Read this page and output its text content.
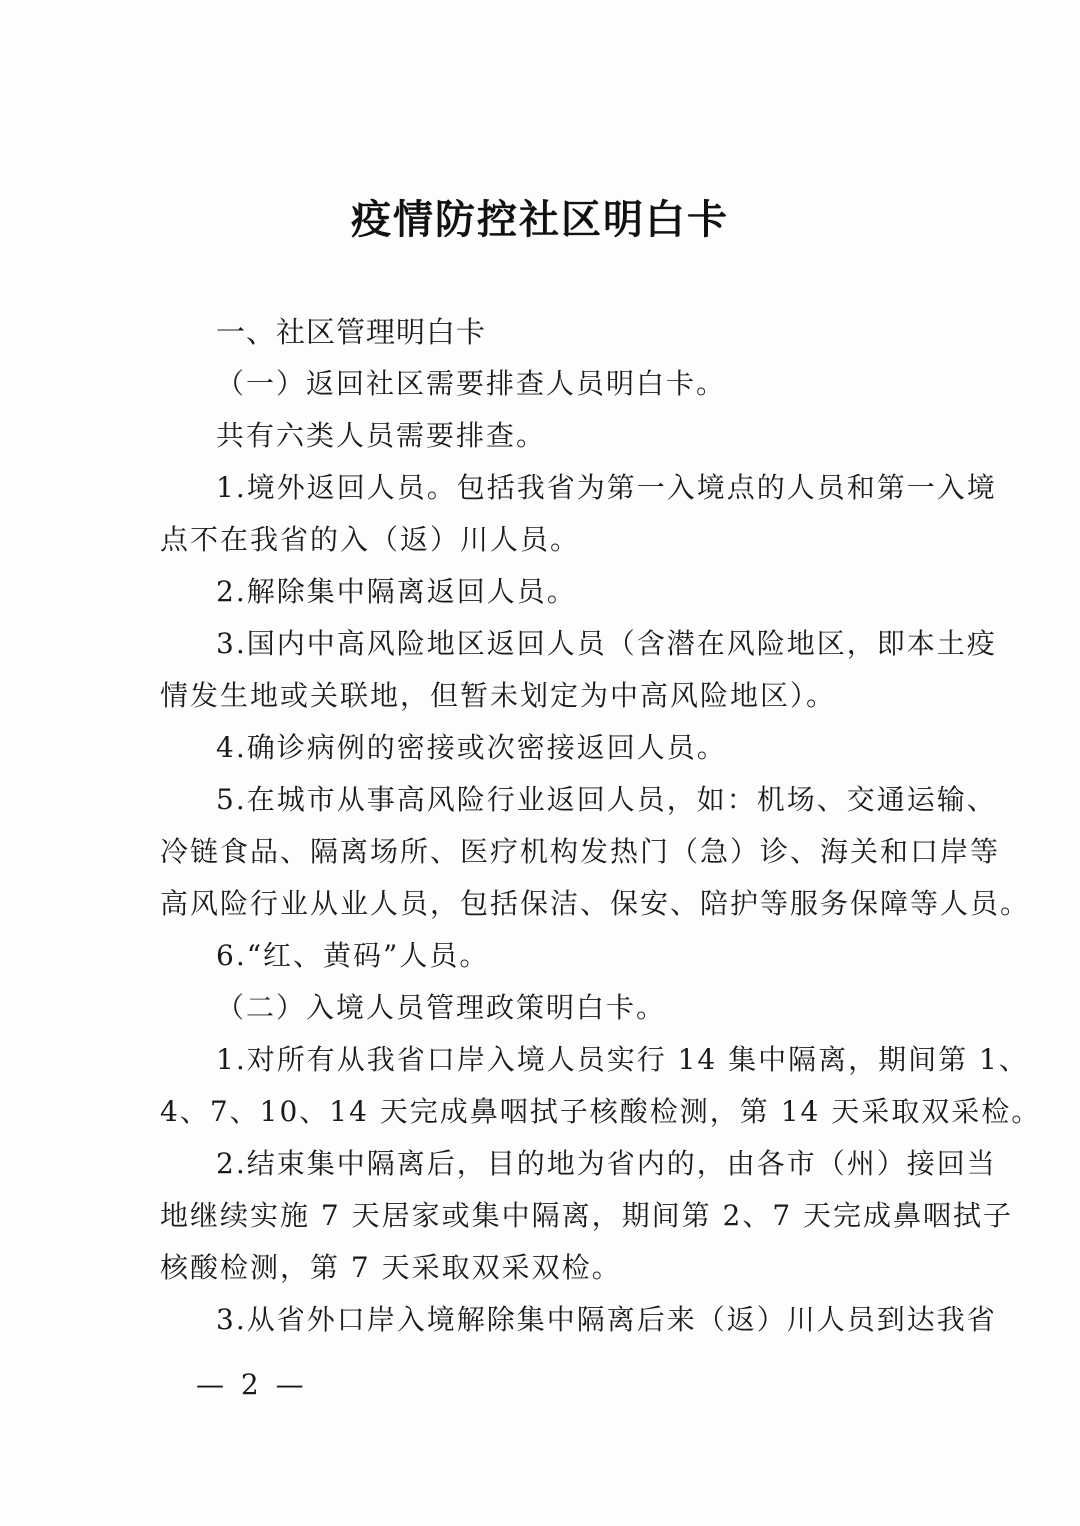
疫情防控社区明白卡
一、社区管理明白卡
（一）返回社区需要排查人员明白卡。
共有六类人员需要排查。
1.境外返回人员。包括我省为第一入境点的人员和第一入境
点不在我省的入（返）川人员。
2.解除集中隔离返回人员。
3.国内中高风险地区返回人员（含潜在风险地区，即本土疫
情发生地或关联地，但暂未划定为中高风险地区）。
4.确诊病例的密接或次密接返回人员。
5.在城市从事高风险行业返回人员，如：机场、交通运输、
冷链食品、隔离场所、医疗机构发热门（急）诊、海关和口岸等
高风险行业从业人员，包括保洁、保安、陪护等服务保障等人员。
6.“红、黄码”人员。
（二）入境人员管理政策明白卡。
1.对所有从我省口岸入境人员实行 14 集中隔离，期间第 1、
4、7、10、14 天完成鼻咽拭子核酸检测，第 14 天采取双采检。
2.结束集中隔离后，目的地为省内的，由各市（州）接回当
地继续实施 7 天居家或集中隔离，期间第 2、7 天完成鼻咽拭子
核酸检测，第 7 天采取双采双检。
3.从省外口岸入境解除集中隔离后来（返）川人员到达我省
— 2 —
